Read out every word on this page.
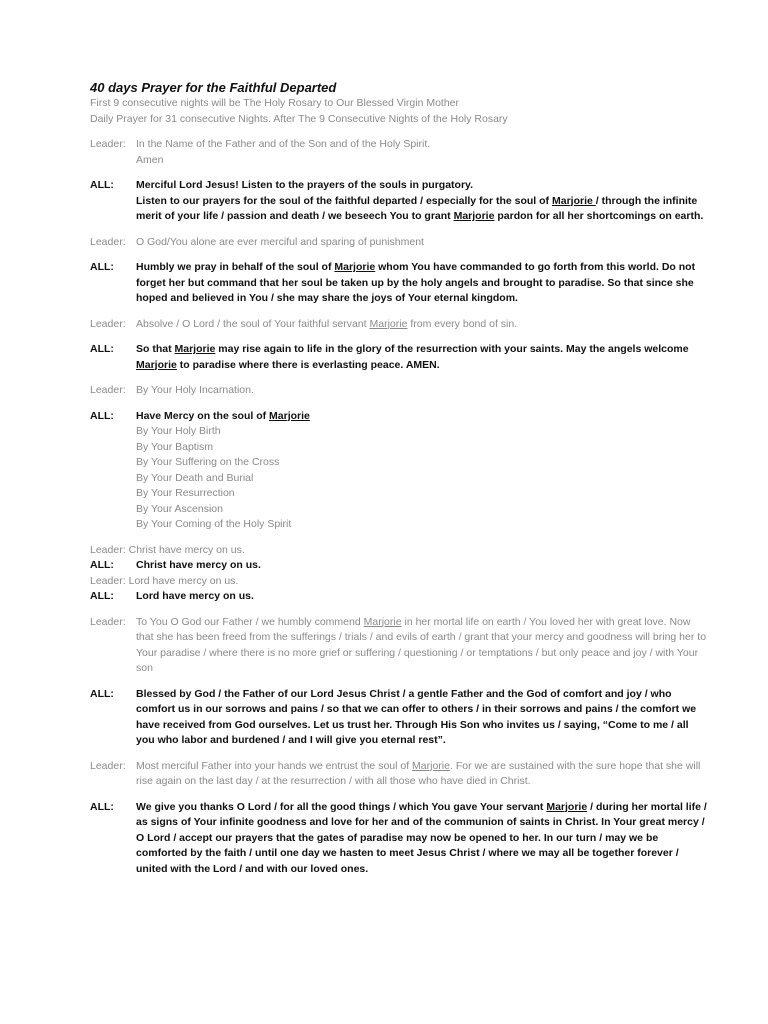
40 days Prayer for the Faithful Departed
First 9 consecutive nights will be The Holy Rosary to Our Blessed Virgin Mother
Daily Prayer for 31 consecutive Nights. After The 9 Consecutive Nights of the Holy Rosary
Leader: In the Name of the Father and of the Son and of the Holy Spirit.

Amen

ALL:	Merciful Lord Jesus! Listen to the prayers of the souls in purgatory.

Listen to our prayers for the soul of the faithful departed / especially for the soul of Marjorie / through the infinite merit of your life / passion and death / we beseech You to grant Marjorie pardon for all her shortcomings on earth.

Leader: O God/You alone are ever merciful and sparing of punishment

ALL:	Humbly we pray in behalf of the soul of Marjorie whom You have commanded to go forth from this world. Do not forget her but command that her soul be taken up by the holy angels and brought to paradise. So that since she hoped and believed in You / she may share the joys of Your eternal kingdom.

Leader: Absolve / O Lord / the soul of Your faithful servant Marjorie from every bond of sin.

ALL:	So that Marjorie may rise again to life in the glory of the resurrection with your saints. May the angels welcome Marjorie to paradise where there is everlasting peace. AMEN.

Leader: By Your Holy Incarnation.

ALL:	Have Mercy on the soul of Marjorie

By Your Holy Birth
By Your Baptism
By Your Suffering on the Cross
By Your Death and Burial
By Your Resurrection
By Your Ascension
By Your Coming of the Holy Spirit
Leader: Christ have mercy on us.

ALL:	Christ have mercy on us.

Leader: Lord have mercy on us.

ALL:	Lord have mercy on us.

Leader: To You O God our Father / we humbly commend Marjorie in her mortal life on earth / You loved her with great love. Now that she has been freed from the sufferings / trials / and evils of earth / grant that your mercy and goodness will bring her to Your paradise / where there is no more grief or suffering / questioning / or temptations / but only peace and joy / with Your son

ALL:	Blessed by God / the Father of our Lord Jesus Christ / a gentle Father and the God of comfort and joy / who comfort us in our sorrows and pains / so that we can offer to others / in their sorrows and pains / the comfort we have received from God ourselves. Let us trust her. Through His Son who invites us / saying, “Come to me / all you who labor and burdened / and I will give you eternal rest”.

Leader: Most merciful Father into your hands we entrust the soul of Marjorie. For we are sustained with the sure hope that she will rise again on the last day / at the resurrection / with all those who have died in Christ.

ALL:	We give you thanks O Lord / for all the good things / which You gave Your servant Marjorie / during her mortal life / as signs of Your infinite goodness and love for her and of the communion of saints in Christ. In Your great mercy / O Lord / accept our prayers that the gates of paradise may now be opened to her. In our turn / may we be comforted by the faith / until one day we hasten to meet Jesus Christ / where we may all be together forever / united with the Lord / and with our loved ones.
